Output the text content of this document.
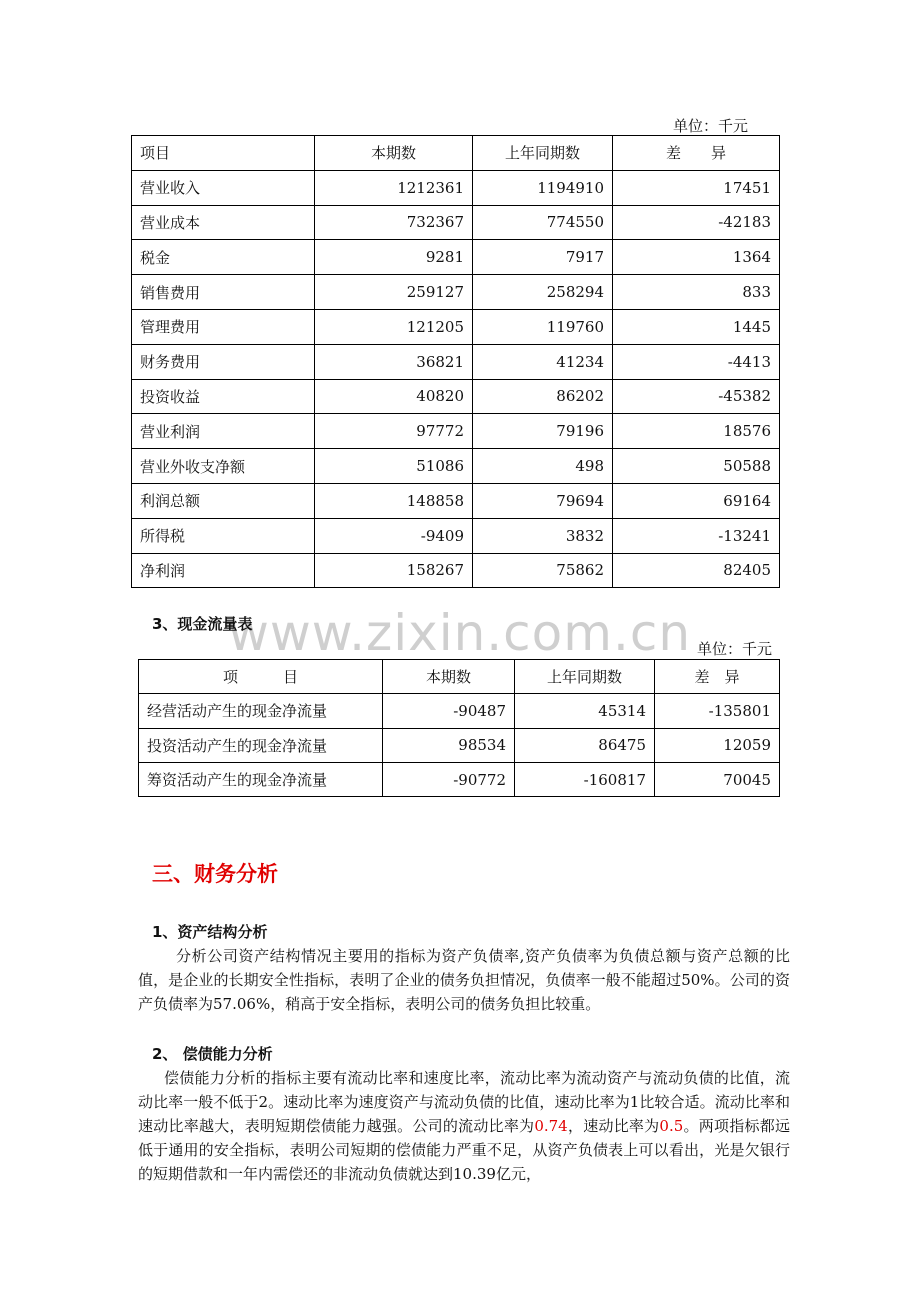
单位：千元
项目	本期数	上年同期数	差　　异
营业收入	1212361	1194910	17451
营业成本	732367	774550	-42183
税金	9281	7917	1364
销售费用	259127	258294	833
管理费用	121205	119760	1445
财务费用	36821	41234	-4413
投资收益	40820	86202	-45382
营业利润	97772	79196	18576
营业外收支净额	51086	498	50588
利润总额	148858	79694	69164
所得税	-9409	3832	-13241
净利润	158267	75862	82405
www.zixin.com.cn
3、现金流量表
单位：千元
项　　　目	本期数	上年同期数	差　异
经营活动产生的现金净流量	-90487	45314	-135801
投资活动产生的现金净流量	98534	86475	12059
筹资活动产生的现金净流量	-90772	-160817	70045
三、财务分析
1、资产结构分析
分析公司资产结构情况主要用的指标为资产负债率,资产负债率为负债总额与资产总额的比值，是企业的长期安全性指标，表明了企业的债务负担情况，负债率一般不能超过50%。公司的资产负债率为57.06%，稍高于安全指标，表明公司的债务负担比较重。
2、 偿债能力分析
偿债能力分析的指标主要有流动比率和速度比率，流动比率为流动资产与流动负债的比值，流动比率一般不低于2。速动比率为速度资产与流动负债的比值，速动比率为1比较合适。流动比率和速动比率越大，表明短期偿债能力越强。公司的流动比率为0.74，速动比率为0.5。两项指标都远低于通用的安全指标，表明公司短期的偿债能力严重不足，从资产负债表上可以看出，光是欠银行的短期借款和一年内需偿还的非流动负债就达到10.39亿元，
